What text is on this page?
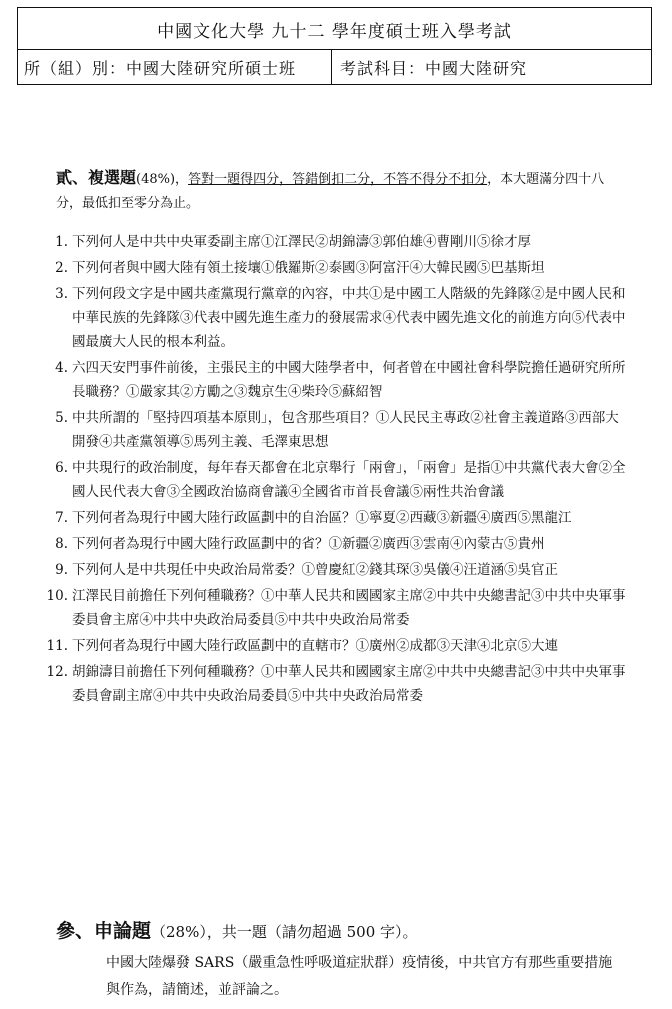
中國文化大學 九十二 學年度碩士班入學考試
所（組）別：中國大陸研究所碩士班	考試科目：中國大陸研究
貳、複選題(48%)，答對一題得四分，答錯倒扣二分，不答不得分不扣分，本大題滿分四十八分，最低扣至零分為止。
1. 下列何人是中共中央軍委副主席①江澤民②胡錦濤③郭伯雄④曹剛川⑤徐才厚
2. 下列何者與中國大陸有領土接壤①俄羅斯②泰國③阿富汗④大韓民國⑤巴基斯坦
3. 下列何段文字是中國共產黨現行黨章的內容，中共①是中國工人階級的先鋒隊②是中國人民和中華民族的先鋒隊③代表中國先進生產力的發展需求④代表中國先進文化的前進方向⑤代表中國最廣大人民的根本利益。
4. 六四天安門事件前後，主張民主的中國大陸學者中，何者曾在中國社會科學院擔任過研究所所長職務？①嚴家其②方勵之③魏京生④柴玲⑤蘇紹智
5. 中共所謂的「堅持四項基本原則」，包含那些項目？①人民民主專政②社會主義道路③西部大開發④共產黨領導⑤馬列主義、毛澤東思想
6. 中共現行的政治制度，每年春天都會在北京舉行「兩會」，「兩會」是指①中共黨代表大會②全國人民代表大會③全國政治協商會議④全國省市首長會議⑤兩性共治會議
7. 下列何者為現行中國大陸行政區劃中的自治區？①寧夏②西藏③新疆④廣西⑤黑龍江
8. 下列何者為現行中國大陸行政區劃中的省？①新疆②廣西③雲南④內蒙古⑤貴州
9. 下列何人是中共現任中央政治局常委？①曾慶紅②錢其琛③吳儀④汪道涵⑤吳官正
10. 江澤民目前擔任下列何種職務？①中華人民共和國國家主席②中共中央總書記③中共中央軍事委員會主席④中共中央政治局委員⑤中共中央政治局常委
11. 下列何者為現行中國大陸行政區劃中的直轄市？①廣州②成都③天津④北京⑤大連
12. 胡錦濤目前擔任下列何種職務？①中華人民共和國國家主席②中共中央總書記③中共中央軍事委員會副主席④中共中央政治局委員⑤中共中央政治局常委
參、申論題（28%），共一題（請勿超過 500 字）。
中國大陸爆發 SARS（嚴重急性呼吸道症狀群）疫情後，中共官方有那些重要措施與作為，請簡述，並評論之。
